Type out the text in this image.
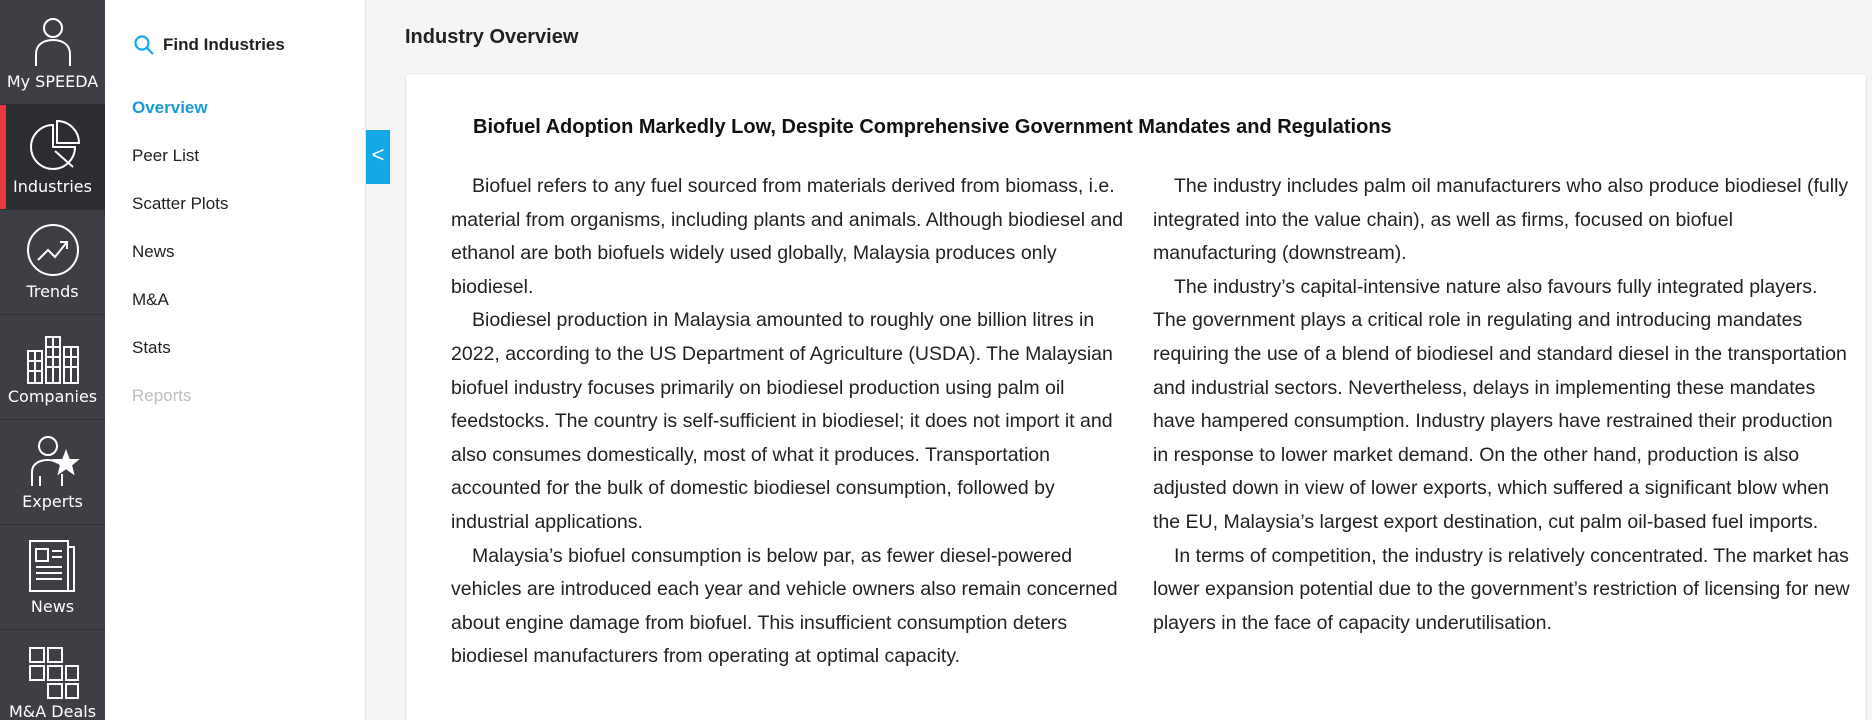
My SPEEDA
Industries
Trends
Companies
Experts
News
M&A Deals
Find Industries
Overview
Peer List
Scatter Plots
News
M&A
Stats
Reports
<
Industry Overview
Biofuel Adoption Markedly Low, Despite Comprehensive Government Mandates and Regulations

Biofuel refers to any fuel sourced from materials derived from biomass, i.e. material from organisms, including plants and animals. Although biodiesel and ethanol are both biofuels widely used globally, Malaysia produces only biodiesel.

Biodiesel production in Malaysia amounted to roughly one billion litres in 2022, according to the US Department of Agriculture (USDA). The Malaysian biofuel industry focuses primarily on biodiesel production using palm oil feedstocks. The country is self-sufficient in biodiesel; it does not import it and also consumes domestically, most of what it produces. Transportation accounted for the bulk of domestic biodiesel consumption, followed by industrial applications.

Malaysia’s biofuel consumption is below par, as fewer diesel-powered vehicles are introduced each year and vehicle owners also remain concerned about engine damage from biofuel. This insufficient consumption deters biodiesel manufacturers from operating at optimal capacity.

The industry includes palm oil manufacturers who also produce biodiesel (fully integrated into the value chain), as well as firms, focused on biofuel manufacturing (downstream).

The industry’s capital-intensive nature also favours fully integrated players. The government plays a critical role in regulating and introducing mandates requiring the use of a blend of biodiesel and standard diesel in the transportation and industrial sectors. Nevertheless, delays in implementing these mandates have hampered consumption. Industry players have restrained their production in response to lower market demand. On the other hand, production is also adjusted down in view of lower exports, which suffered a significant blow when the EU, Malaysia’s largest export destination, cut palm oil-based fuel imports.

In terms of competition, the industry is relatively concentrated. The market has lower expansion potential due to the government’s restriction of licensing for new players in the face of capacity underutilisation.
